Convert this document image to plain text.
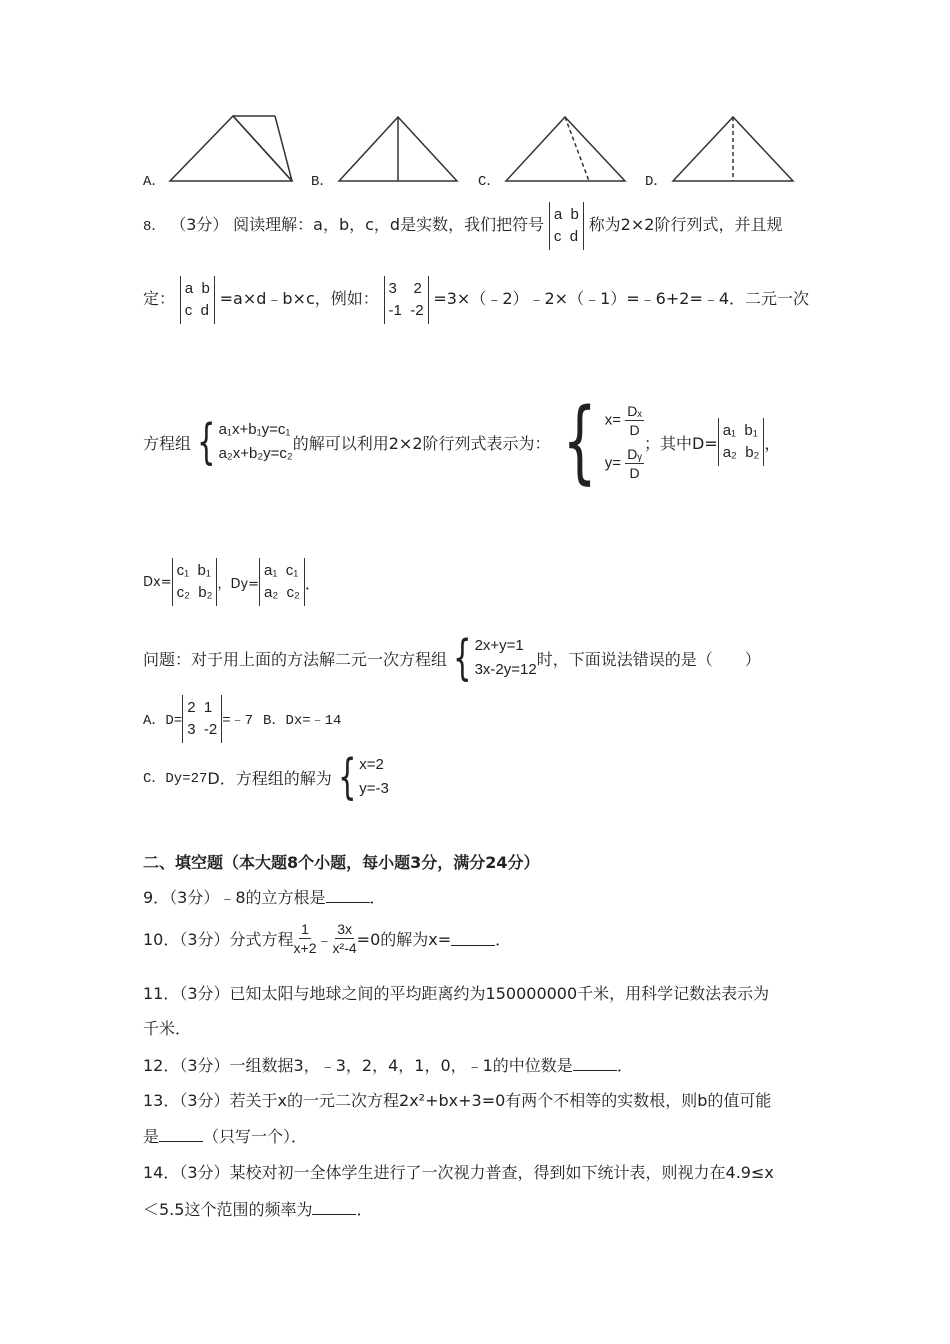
A．	B．	C．	D．
8． （3分） 阅读理解：a，b，c，d是实数，我们把符号
a  b
c  d
称为2×2阶行列式，并且规
定：
a  b
c  d
=a×d﹣b×c，例如：
3    2
-1  -2
=3×（﹣2）﹣2×（﹣1）=﹣6+2=﹣4．二元一次
方程组 { a₁x+b₁y=c₁
a₂x+b₂y=c₂
的解可以利用2×2阶行列式表示为： { $x= \frac{\text{Dₓ}}{D}$
$y= \frac{\text{Dᵧ}}{D}$
；其中D=
a₁  b₁
a₂  b₂ ，
Dx=
c₁  b₁
c₂  b₂ ，Dy=
a₁  c₁
a₂  c₂ ．
问题：对于用上面的方法解二元一次方程组 { 2x+y=1
3x-2y=12
时，下面说法错误的是（　　）
A．D=
2  1
3  -2 =﹣7 B．Dx=﹣14
C．Dy=27 D．方程组的解为 { x=2
y=-3
二、填空题（本大题8个小题，每小题3分，满分24分）
9．（3分）﹣8的立方根是	．
10．（3分）分式方程 $\frac{1}{x+2}$ ﹣ $\frac{3x}{\text{x²-4}} =0$的解为x=	．
11．（3分）已知太阳与地球之间的平均距离约为150000000千米，用科学记数法表示为
千米．
12．（3分）一组数据3，﹣3，2，4，1，0，﹣1的中位数是	．
13．（3分）若关于x的一元二次方程2x²+bx+3=0有两个不相等的实数根，则b的值可能
是	（只写一个）．
14．（3分）某校对初一全体学生进行了一次视力普查，得到如下统计表，则视力在4.9≤x
＜5.5这个范围的频率为	．
